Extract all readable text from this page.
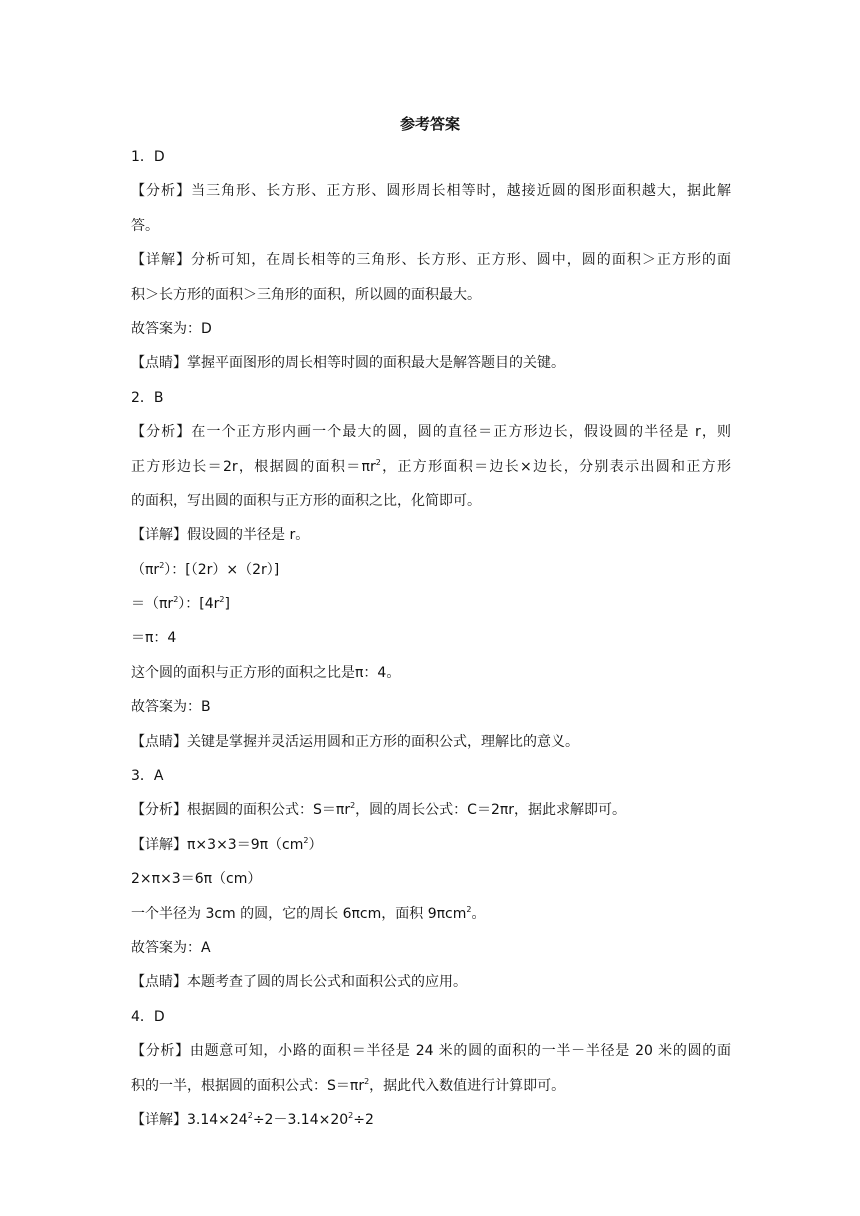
参考答案
1．D
【分析】当三角形、长方形、正方形、圆形周长相等时，越接近圆的图形面积越大，据此解
答。
【详解】分析可知，在周长相等的三角形、长方形、正方形、圆中，圆的面积＞正方形的面
积＞长方形的面积＞三角形的面积，所以圆的面积最大。
故答案为：D
【点睛】掌握平面图形的周长相等时圆的面积最大是解答题目的关键。
2．B
【分析】在一个正方形内画一个最大的圆，圆的直径＝正方形边长，假设圆的半径是 r，则
正方形边长＝2r，根据圆的面积$=\pi r^2$，正方形面积＝边长×边长，分别表示出圆和正方形
的面积，写出圆的面积与正方形的面积之比，化简即可。
【详解】假设圆的半径是 r。
$(\pi r^2)$：[（2r）×（2r）]
$=(\pi r^2)$：$[4r^2]$
＝π：4
这个圆的面积与正方形的面积之比是π：4。
故答案为：B
【点睛】关键是掌握并灵活运用圆和正方形的面积公式，理解比的意义。
3．A
【分析】根据圆的面积公式：$S=\pi r^2$，圆的周长公式：C＝2πr，据此求解即可。
【详解】$\pi\times 3\times 3=9\pi(cm^2)$
2×π×3＝6π（cm）
一个半径为 3cm 的圆，它的周长 6πcm，面积 9πcm$^2$。
故答案为：A
【点睛】本题考查了圆的周长公式和面积公式的应用。
4．D
【分析】由题意可知，小路的面积＝半径是 24 米的圆的面积的一半－半径是 20 米的圆的面
积的一半，根据圆的面积公式：$S=\pi r^2$，据此代入数值进行计算即可。
【详解】$3.14\times 24^2\div 2-3.14\times 20^2\div 2$
